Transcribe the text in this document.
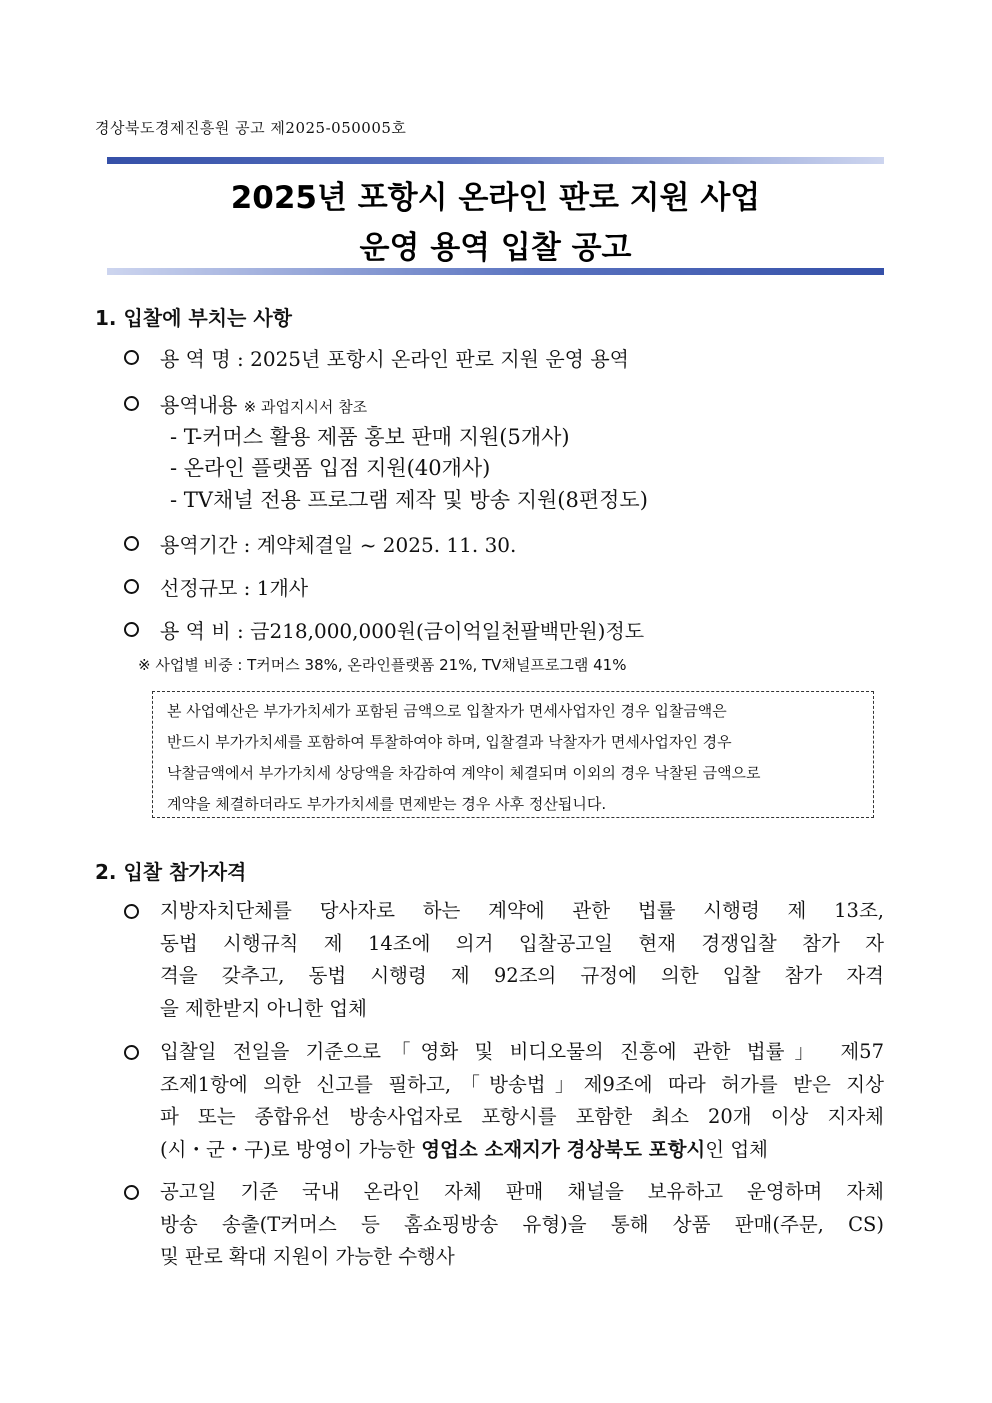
경상북도경제진흥원 공고 제2025-050005호
2025년 포항시 온라인 판로 지원 사업
운영 용역 입찰 공고
1. 입찰에 부치는 사항
용 역 명 : 2025년 포항시 온라인 판로 지원 운영 용역
용역내용 ※ 과업지시서 참조
- T-커머스 활용 제품 홍보 판매 지원(5개사)
- 온라인 플랫폼 입점 지원(40개사)
- TV채널 전용 프로그램 제작 및 방송 지원(8편정도)
용역기간 : 계약체결일 ~ 2025. 11. 30.
선정규모 : 1개사
용 역 비 : 금218,000,000원(금이억일천팔백만원)정도
※ 사업별 비중 : T커머스 38%, 온라인플랫폼 21%, TV채널프로그램 41%
본 사업예산은 부가가치세가 포함된 금액으로 입찰자가 면세사업자인 경우 입찰금액은
반드시 부가가치세를 포함하여 투찰하여야 하며, 입찰결과 낙찰자가 면세사업자인 경우
낙찰금액에서 부가가치세 상당액을 차감하여 계약이 체결되며 이외의 경우 낙찰된 금액으로
계약을 체결하더라도 부가가치세를 면제받는 경우 사후 정산됩니다.
2. 입찰 참가자격
지방자치단체를 당사자로 하는 계약에 관한 법률 시행령 제 13조,
동법 시행규칙 제 14조에 의거 입찰공고일 현재 경쟁입찰 참가 자
격을 갖추고, 동법 시행령 제 92조의 규정에 의한 입찰 참가 자격
을 제한받지 아니한 업체
입찰일 전일을 기준으로「영화 및 비디오물의 진흥에 관한 법률」 제57
조제1항에 의한 신고를 필하고,「방송법」제9조에 따라 허가를 받은 지상
파 또는 종합유선 방송사업자로 포항시를 포함한 최소 20개 이상 지자체
(시・군・구)로 방영이 가능한 영업소 소재지가 경상북도 포항시인 업체
공고일 기준 국내 온라인 자체 판매 채널을 보유하고 운영하며 자체
방송 송출(T커머스 등 홈쇼핑방송 유형)을 통해 상품 판매(주문, CS)
및 판로 확대 지원이 가능한 수행사
